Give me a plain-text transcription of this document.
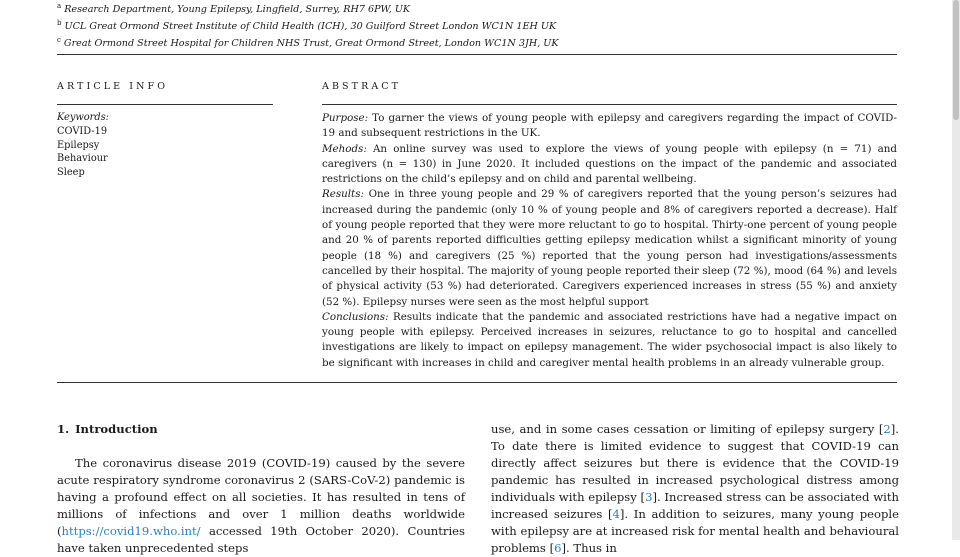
$^a$ Research Department, Young Epilepsy, Lingfield, Surrey, RH7 6PW, UK
$^b$ UCL Great Ormond Street Institute of Child Health (ICH), 30 Guilford Street London WC1N 1EH UK
$^c$ Great Ormond Street Hospital for Children NHS Trust, Great Ormond Street, London WC1N 3JH, UK
ARTICLE INFO	ABSTRACT
Keywords:
COVID-19
Epilepsy
Behaviour
Sleep

Purpose: To garner the views of young people with epilepsy and caregivers regarding the impact of COVID-19 and subsequent restrictions in the UK.

Mehods: An online survey was used to explore the views of young people with epilepsy (n = 71) and caregivers (n = 130) in June 2020. It included questions on the impact of the pandemic and associated restrictions on the child’s epilepsy and on child and parental wellbeing.

Results: One in three young people and 29 % of caregivers reported that the young person’s seizures had increased during the pandemic (only 10 % of young people and 8% of caregivers reported a decrease). Half of young people reported that they were more reluctant to go to hospital. Thirty-one percent of young people and 20 % of parents reported difficulties getting epilepsy medication whilst a significant minority of young people (18 %) and caregivers (25 %) reported that the young person had investigations/assessments cancelled by their hospital. The majority of young people reported their sleep (72 %), mood (64 %) and levels of physical activity (53 %) had deteriorated. Caregivers experienced increases in stress (55 %) and anxiety (52 %). Epilepsy nurses were seen as the most helpful support

Conclusions: Results indicate that the pandemic and associated restrictions have had a negative impact on young people with epilepsy. Perceived increases in seizures, reluctance to go to hospital and cancelled investigations are likely to impact on epilepsy management. The wider psychosocial impact is also likely to be significant with increases in child and caregiver mental health problems in an already vulnerable group.

1. Introduction

The coronavirus disease 2019 (COVID-19) caused by the severe acute respiratory syndrome coronavirus 2 (SARS-CoV-2) pandemic is having a profound effect on all societies. It has resulted in tens of millions of infections and over 1 million deaths worldwide (https://covid19.who.int/ accessed 19th October 2020). Countries have taken unprecedented steps

use, and in some cases cessation or limiting of epilepsy surgery [2]. To date there is limited evidence to suggest that COVID-19 can directly affect seizures but there is evidence that the COVID-19 pandemic has resulted in increased psychological distress among individuals with epilepsy [3]. Increased stress can be associated with increased seizures [4]. In addition to seizures, many young people with epilepsy are at increased risk for mental health and behavioural problems [6]. Thus in
